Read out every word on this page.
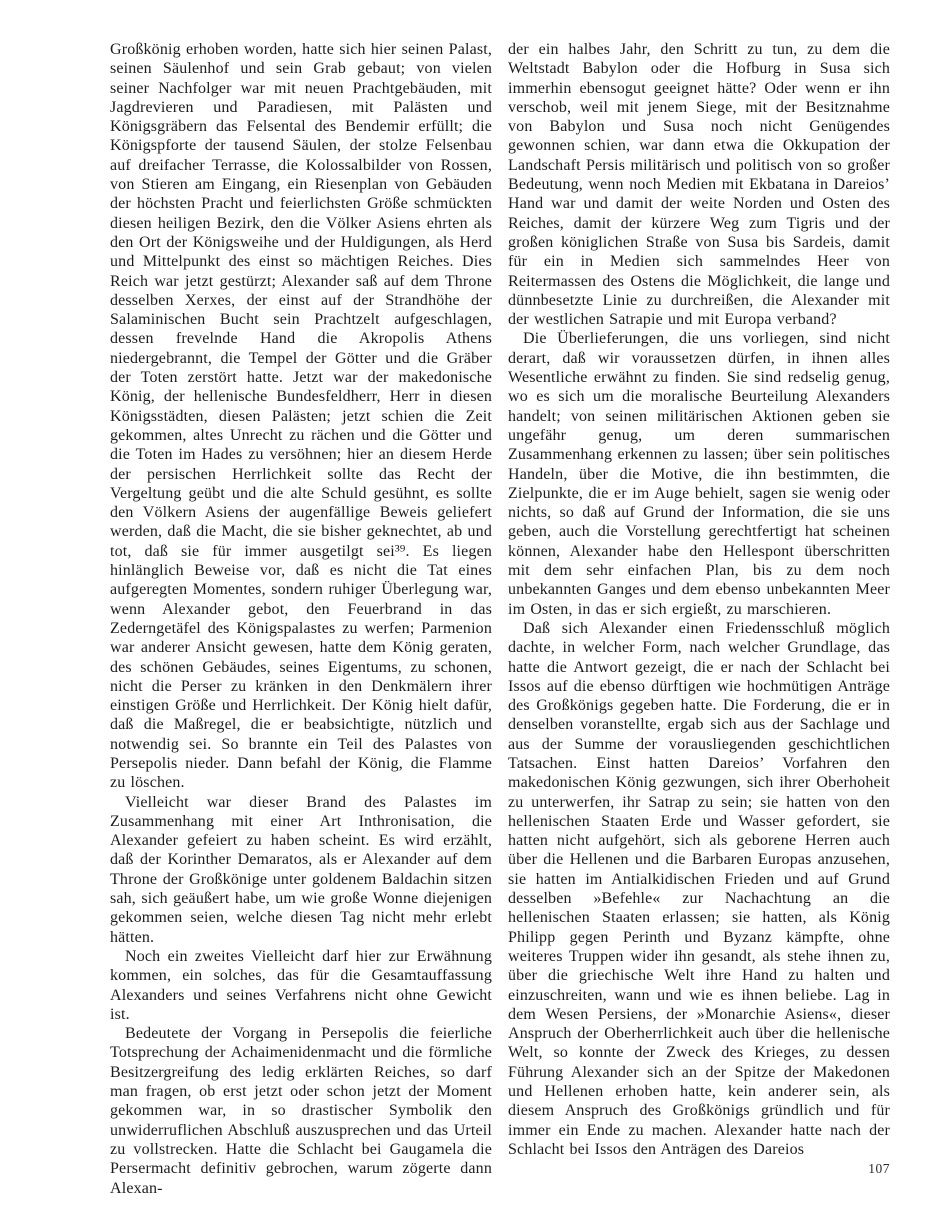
Großkönig erhoben worden, hatte sich hier seinen Palast, seinen Säulenhof und sein Grab gebaut; von vielen seiner Nachfolger war mit neuen Prachtgebäuden, mit Jagdrevieren und Paradiesen, mit Palästen und Königsgräbern das Felsental des Bendemir erfüllt; die Königspforte der tausend Säulen, der stolze Felsenbau auf dreifacher Terrasse, die Kolossalbilder von Rossen, von Stieren am Eingang, ein Riesenplan von Gebäuden der höchsten Pracht und feierlichsten Größe schmückten diesen heiligen Bezirk, den die Völker Asiens ehrten als den Ort der Königsweihe und der Huldigungen, als Herd und Mittelpunkt des einst so mächtigen Reiches. Dies Reich war jetzt gestürzt; Alexander saß auf dem Throne desselben Xerxes, der einst auf der Strandhöhe der Salaminischen Bucht sein Prachtzelt aufgeschlagen, dessen frevelnde Hand die Akropolis Athens niedergebrannt, die Tempel der Götter und die Gräber der Toten zerstört hatte. Jetzt war der makedonische König, der hellenische Bundesfeldherr, Herr in diesen Königsstädten, diesen Palästen; jetzt schien die Zeit gekommen, altes Unrecht zu rächen und die Götter und die Toten im Hades zu versöhnen; hier an diesem Herde der persischen Herrlichkeit sollte das Recht der Vergeltung geübt und die alte Schuld gesühnt, es sollte den Völkern Asiens der augenfällige Beweis geliefert werden, daß die Macht, die sie bisher geknechtet, ab und tot, daß sie für immer ausgetilgt sei³⁹. Es liegen hinlänglich Beweise vor, daß es nicht die Tat eines aufgeregten Momentes, sondern ruhiger Überlegung war, wenn Alexander gebot, den Feuerbrand in das Zederngetäfel des Königspalastes zu werfen; Parmenion war anderer Ansicht gewesen, hatte dem König geraten, des schönen Gebäudes, seines Eigentums, zu schonen, nicht die Perser zu kränken in den Denkmälern ihrer einstigen Größe und Herrlichkeit. Der König hielt dafür, daß die Maßregel, die er beabsichtigte, nützlich und notwendig sei. So brannte ein Teil des Palastes von Persepolis nieder. Dann befahl der König, die Flamme zu löschen.

Vielleicht war dieser Brand des Palastes im Zusammenhang mit einer Art Inthronisation, die Alexander gefeiert zu haben scheint. Es wird erzählt, daß der Korinther Demaratos, als er Alexander auf dem Throne der Großkönige unter goldenem Baldachin sitzen sah, sich geäußert habe, um wie große Wonne diejenigen gekommen seien, welche diesen Tag nicht mehr erlebt hätten.

Noch ein zweites Vielleicht darf hier zur Erwähnung kommen, ein solches, das für die Gesamtauffassung Alexanders und seines Verfahrens nicht ohne Gewicht ist.

Bedeutete der Vorgang in Persepolis die feierliche Totsprechung der Achaimenidenmacht und die förmliche Besitzergreifung des ledig erklärten Reiches, so darf man fragen, ob erst jetzt oder schon jetzt der Moment gekommen war, in so drastischer Symbolik den unwiderruflichen Abschluß auszusprechen und das Urteil zu vollstrecken. Hatte die Schlacht bei Gaugamela die Persermacht definitiv gebrochen, warum zögerte dann Alexan-

der ein halbes Jahr, den Schritt zu tun, zu dem die Weltstadt Babylon oder die Hofburg in Susa sich immerhin ebensogut geeignet hätte? Oder wenn er ihn verschob, weil mit jenem Siege, mit der Besitznahme von Babylon und Susa noch nicht Genügendes gewonnen schien, war dann etwa die Okkupation der Landschaft Persis militärisch und politisch von so großer Bedeutung, wenn noch Medien mit Ekbatana in Dareios’ Hand war und damit der weite Norden und Osten des Reiches, damit der kürzere Weg zum Tigris und der großen königlichen Straße von Susa bis Sardeis, damit für ein in Medien sich sammelndes Heer von Reitermassen des Ostens die Möglichkeit, die lange und dünnbesetzte Linie zu durchreißen, die Alexander mit der westlichen Satrapie und mit Europa verband?

Die Überlieferungen, die uns vorliegen, sind nicht derart, daß wir voraussetzen dürfen, in ihnen alles Wesentliche erwähnt zu finden. Sie sind redselig genug, wo es sich um die moralische Beurteilung Alexanders handelt; von seinen militärischen Aktionen geben sie ungefähr genug, um deren summarischen Zusammenhang erkennen zu lassen; über sein politisches Handeln, über die Motive, die ihn bestimmten, die Zielpunkte, die er im Auge behielt, sagen sie wenig oder nichts, so daß auf Grund der Information, die sie uns geben, auch die Vorstellung gerechtfertigt hat scheinen können, Alexander habe den Hellespont überschritten mit dem sehr einfachen Plan, bis zu dem noch unbekannten Ganges und dem ebenso unbekannten Meer im Osten, in das er sich ergießt, zu marschieren.

Daß sich Alexander einen Friedensschluß möglich dachte, in welcher Form, nach welcher Grundlage, das hatte die Antwort gezeigt, die er nach der Schlacht bei Issos auf die ebenso dürftigen wie hochmütigen Anträge des Großkönigs gegeben hatte. Die Forderung, die er in denselben voranstellte, ergab sich aus der Sachlage und aus der Summe der vorausliegenden geschichtlichen Tatsachen. Einst hatten Dareios’ Vorfahren den makedonischen König gezwungen, sich ihrer Oberhoheit zu unterwerfen, ihr Satrap zu sein; sie hatten von den hellenischen Staaten Erde und Wasser gefordert, sie hatten nicht aufgehört, sich als geborene Herren auch über die Hellenen und die Barbaren Europas anzusehen, sie hatten im Antialkidischen Frieden und auf Grund desselben »Befehle« zur Nachachtung an die hellenischen Staaten erlassen; sie hatten, als König Philipp gegen Perinth und Byzanz kämpfte, ohne weiteres Truppen wider ihn gesandt, als stehe ihnen zu, über die griechische Welt ihre Hand zu halten und einzuschreiten, wann und wie es ihnen beliebe. Lag in dem Wesen Persiens, der »Monarchie Asiens«, dieser Anspruch der Oberherrlichkeit auch über die hellenische Welt, so konnte der Zweck des Krieges, zu dessen Führung Alexander sich an der Spitze der Makedonen und Hellenen erhoben hatte, kein anderer sein, als diesem Anspruch des Großkönigs gründlich und für immer ein Ende zu machen. Alexander hatte nach der Schlacht bei Issos den Anträgen des Dareios

107
